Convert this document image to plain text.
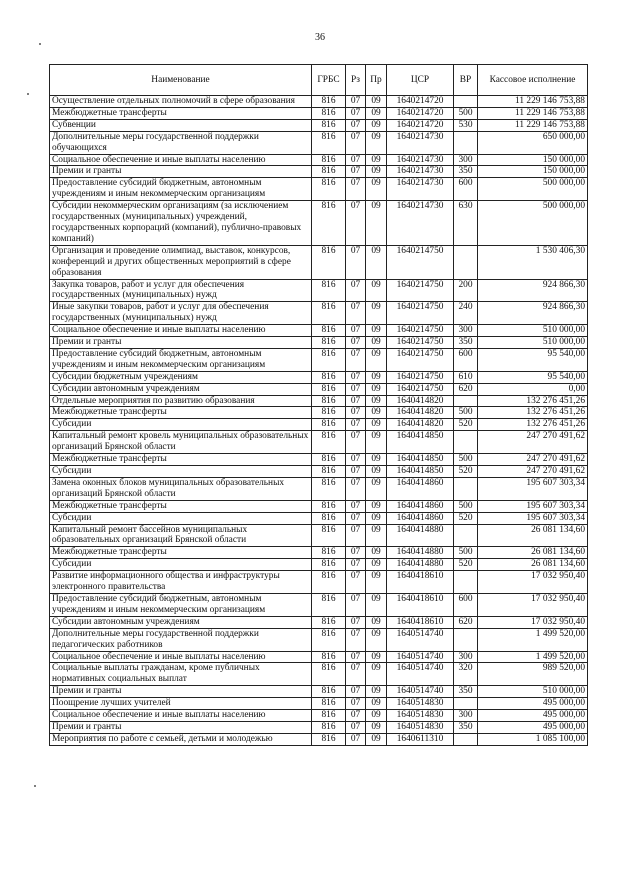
36
Наименование	ГРБС	Рз	Пр	ЦСР	ВР	Кассовое исполнение
Осуществление отдельных полномочий в сфере образования	816	07	09	1640214720		11 229 146 753,88
Межбюджетные трансферты	816	07	09	1640214720	500	11 229 146 753,88
Субвенции	816	07	09	1640214720	530	11 229 146 753,88
Дополнительные меры государственной поддержки обучающихся	816	07	09	1640214730		650 000,00
Социальное обеспечение и иные выплаты населению	816	07	09	1640214730	300	150 000,00
Премии и гранты	816	07	09	1640214730	350	150 000,00
Предоставление субсидий бюджетным, автономным учреждениям и иным некоммерческим организациям	816	07	09	1640214730	600	500 000,00
Субсидии некоммерческим организациям (за исключением государственных (муниципальных) учреждений, государственных корпораций (компаний), публично-правовых компаний)	816	07	09	1640214730	630	500 000,00
Организация и проведение олимпиад, выставок, конкурсов, конференций и других общественных мероприятий в сфере образования	816	07	09	1640214750		1 530 406,30
Закупка товаров, работ и услуг для обеспечения государственных (муниципальных) нужд	816	07	09	1640214750	200	924 866,30
Иные закупки товаров, работ и услуг для обеспечения государственных (муниципальных) нужд	816	07	09	1640214750	240	924 866,30
Социальное обеспечение и иные выплаты населению	816	07	09	1640214750	300	510 000,00
Премии и гранты	816	07	09	1640214750	350	510 000,00
Предоставление субсидий бюджетным, автономным учреждениям и иным некоммерческим организациям	816	07	09	1640214750	600	95 540,00
Субсидии бюджетным учреждениям	816	07	09	1640214750	610	95 540,00
Субсидии автономным учреждениям	816	07	09	1640214750	620	0,00
Отдельные мероприятия по развитию образования	816	07	09	1640414820		132 276 451,26
Межбюджетные трансферты	816	07	09	1640414820	500	132 276 451,26
Субсидии	816	07	09	1640414820	520	132 276 451,26
Капитальный ремонт кровель муниципальных образовательных организаций Брянской области	816	07	09	1640414850		247 270 491,62
Межбюджетные трансферты	816	07	09	1640414850	500	247 270 491,62
Субсидии	816	07	09	1640414850	520	247 270 491,62
Замена оконных блоков муниципальных образовательных организаций Брянской области	816	07	09	1640414860		195 607 303,34
Межбюджетные трансферты	816	07	09	1640414860	500	195 607 303,34
Субсидии	816	07	09	1640414860	520	195 607 303,34
Капитальный ремонт бассейнов муниципальных образовательных организаций Брянской области	816	07	09	1640414880		26 081 134,60
Межбюджетные трансферты	816	07	09	1640414880	500	26 081 134,60
Субсидии	816	07	09	1640414880	520	26 081 134,60
Развитие информационного общества и инфраструктуры электронного правительства	816	07	09	1640418610		17 032 950,40
Предоставление субсидий бюджетным, автономным учреждениям и иным некоммерческим организациям	816	07	09	1640418610	600	17 032 950,40
Субсидии автономным учреждениям	816	07	09	1640418610	620	17 032 950,40
Дополнительные меры государственной поддержки педагогических работников	816	07	09	1640514740		1 499 520,00
Социальное обеспечение и иные выплаты населению	816	07	09	1640514740	300	1 499 520,00
Социальные выплаты гражданам, кроме публичных нормативных социальных выплат	816	07	09	1640514740	320	989 520,00
Премии и гранты	816	07	09	1640514740	350	510 000,00
Поощрение лучших учителей	816	07	09	1640514830		495 000,00
Социальное обеспечение и иные выплаты населению	816	07	09	1640514830	300	495 000,00
Премии и гранты	816	07	09	1640514830	350	495 000,00
Мероприятия по работе с семьей, детьми и молодежью	816	07	09	1640611310		1 085 100,00
